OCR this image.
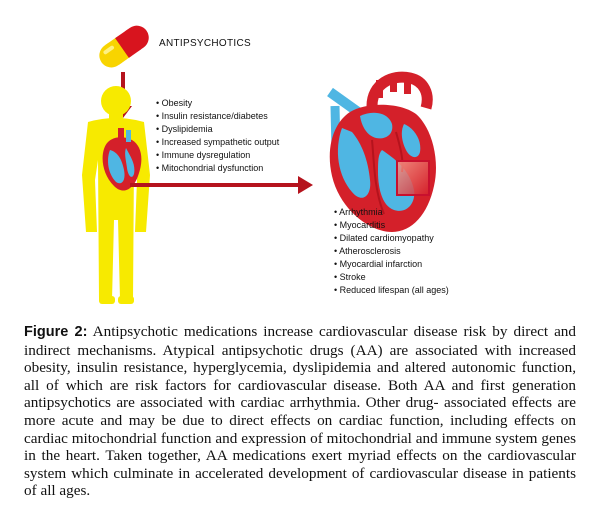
ANTIPSYCHOTICS
• Obesity
• Insulin resistance/diabetes
• Dyslipidemia
• Increased sympathetic output
• Immune dysregulation
• Mitochondrial dysfunction
• Arrhythmia
• Myocarditis
• Dilated cardiomyopathy
• Atherosclerosis
• Myocardial infarction
• Stroke
• Reduced lifespan (all ages)

Figure 2: Antipsychotic medications increase cardiovascular disease risk by direct and indirect mechanisms. Atypical antipsychotic drugs (AA) are associated with increased obesity, insulin resistance, hyperglycemia, dyslipidemia and altered autonomic function, all of which are risk factors for cardiovascular disease. Both AA and first generation antipsychotics are associated with cardiac arrhythmia. Other drug- associated effects are more acute and may be due to direct effects on cardiac function, including effects on cardiac mitochondrial function and expression of mitochondrial and immune system genes in the heart. Taken together, AA medications exert myriad effects on the cardiovascular system which culminate in accelerated development of cardiovascular disease in patients of all ages.
